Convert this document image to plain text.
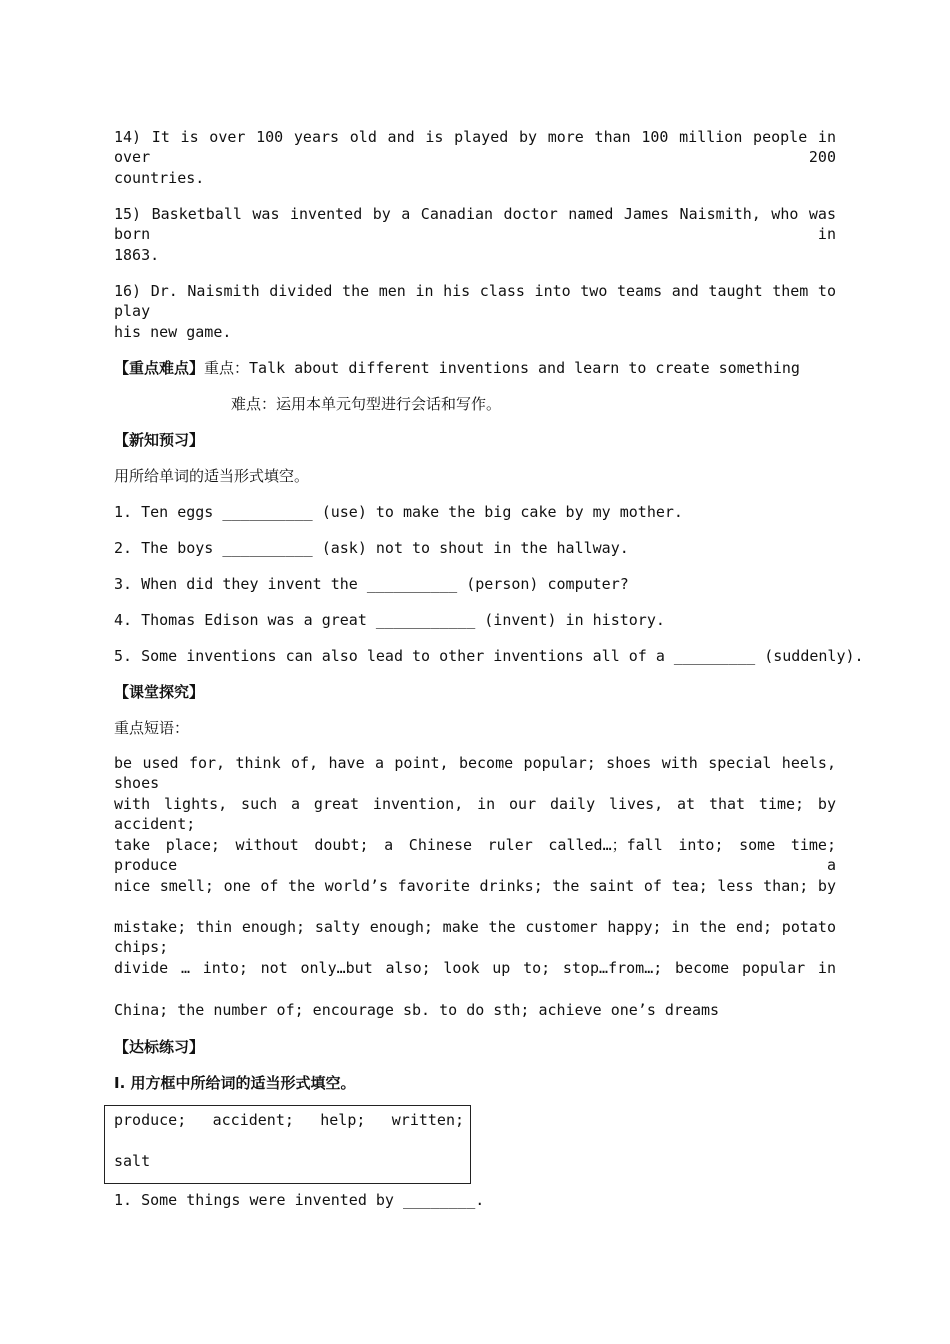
14) It is over 100 years old and is played by more than 100 million people in over 200

countries.

15) Basketball was invented by a Canadian doctor named James Naismith, who was born in

1863.

16) Dr. Naismith divided the men in his class into two teams and taught them to play

his new game.

【重点难点】重点：Talk about different inventions and learn to create something

难点：运用本单元句型进行会话和写作。

【新知预习】

用所给单词的适当形式填空。

1. Ten eggs __________ (use) to make the big cake by my mother.

2. The boys __________ (ask) not to shout in the hallway.

3. When did they invent the __________ (person) computer?

4. Thomas Edison was a great ___________ (invent) in history.

5. Some inventions can also lead to other inventions all of a _________ (suddenly).

【课堂探究】

重点短语：

be used for, think of, have a point, become popular; shoes with special heels, shoes

with lights, such a great invention, in our daily lives, at that time; by accident;

take place; without doubt; a Chinese ruler called…；fall into; some time; produce a

nice smell; one of the world’s favorite drinks; the saint of tea; less than; by

mistake; thin enough; salty enough; make the customer happy; in the end; potato chips;

divide … into; not only…but also; look up to; stop…from…; become popular in

China; the number of; encourage sb. to do sth; achieve one’s dreams

【达标练习】

I. 用方框中所给词的适当形式填空。

produce; accident; help; written;
salt

1. Some things were invented by ________.
